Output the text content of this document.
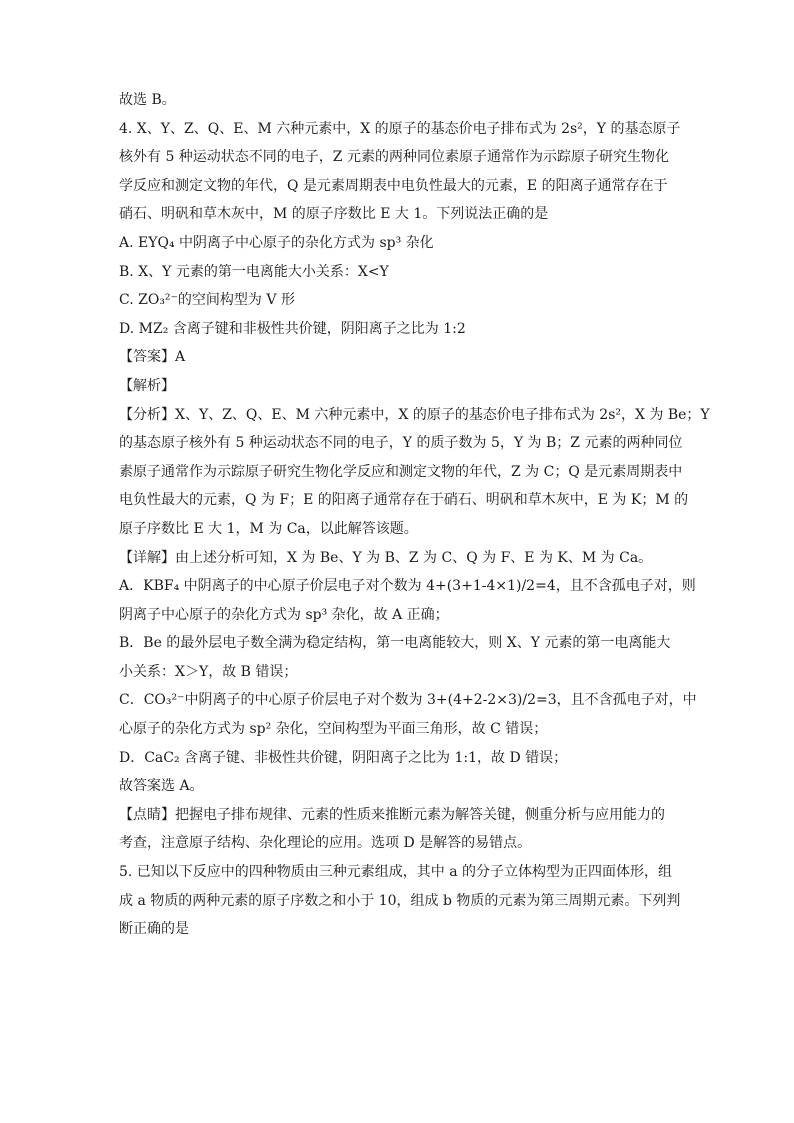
故选 B。
4. X、Y、Z、Q、E、M 六种元素中，X 的原子的基态价电子排布式为 2s²，Y 的基态原子
核外有 5 种运动状态不同的电子，Z 元素的两种同位素原子通常作为示踪原子研究生物化
学反应和测定文物的年代，Q 是元素周期表中电负性最大的元素，E 的阳离子通常存在于
硝石、明矾和草木灰中，M 的原子序数比 E 大 1。下列说法正确的是
A. EYQ₄ 中阴离子中心原子的杂化方式为 sp³ 杂化
B. X、Y 元素的第一电离能大小关系：X<Y
C. ZO₃²⁻的空间构型为 V 形
D. MZ₂ 含离子键和非极性共价键，阴阳离子之比为 1:2
【答案】A
【解析】
【分析】X、Y、Z、Q、E、M 六种元素中，X 的原子的基态价电子排布式为 2s²，X 为 Be；Y
的基态原子核外有 5 种运动状态不同的电子，Y 的质子数为 5，Y 为 B；Z 元素的两种同位
素原子通常作为示踪原子研究生物化学反应和测定文物的年代，Z 为 C；Q 是元素周期表中
电负性最大的元素，Q 为 F；E 的阳离子通常存在于硝石、明矾和草木灰中，E 为 K；M 的
原子序数比 E 大 1，M 为 Ca，以此解答该题。
【详解】由上述分析可知，X 为 Be、Y 为 B、Z 为 C、Q 为 F、E 为 K、M 为 Ca。
A．KBF₄ 中阴离子的中心原子价层电子对个数为 4+(3+1-4×1)/2=4，且不含孤电子对，则
阴离子中心原子的杂化方式为 sp³ 杂化，故 A 正确；
B．Be 的最外层电子数全满为稳定结构，第一电离能较大，则 X、Y 元素的第一电离能大
小关系：X＞Y，故 B 错误；
C．CO₃²⁻中阴离子的中心原子价层电子对个数为 3+(4+2-2×3)/2=3，且不含孤电子对，中
心原子的杂化方式为 sp² 杂化，空间构型为平面三角形，故 C 错误；
D．CaC₂ 含离子键、非极性共价键，阴阳离子之比为 1:1，故 D 错误；
故答案选 A。
【点睛】把握电子排布规律、元素的性质来推断元素为解答关键，侧重分析与应用能力的
考查，注意原子结构、杂化理论的应用。选项 D 是解答的易错点。
5. 已知以下反应中的四种物质由三种元素组成，其中 a 的分子立体构型为正四面体形，组
成 a 物质的两种元素的原子序数之和小于 10，组成 b 物质的元素为第三周期元素。下列判
断正确的是
